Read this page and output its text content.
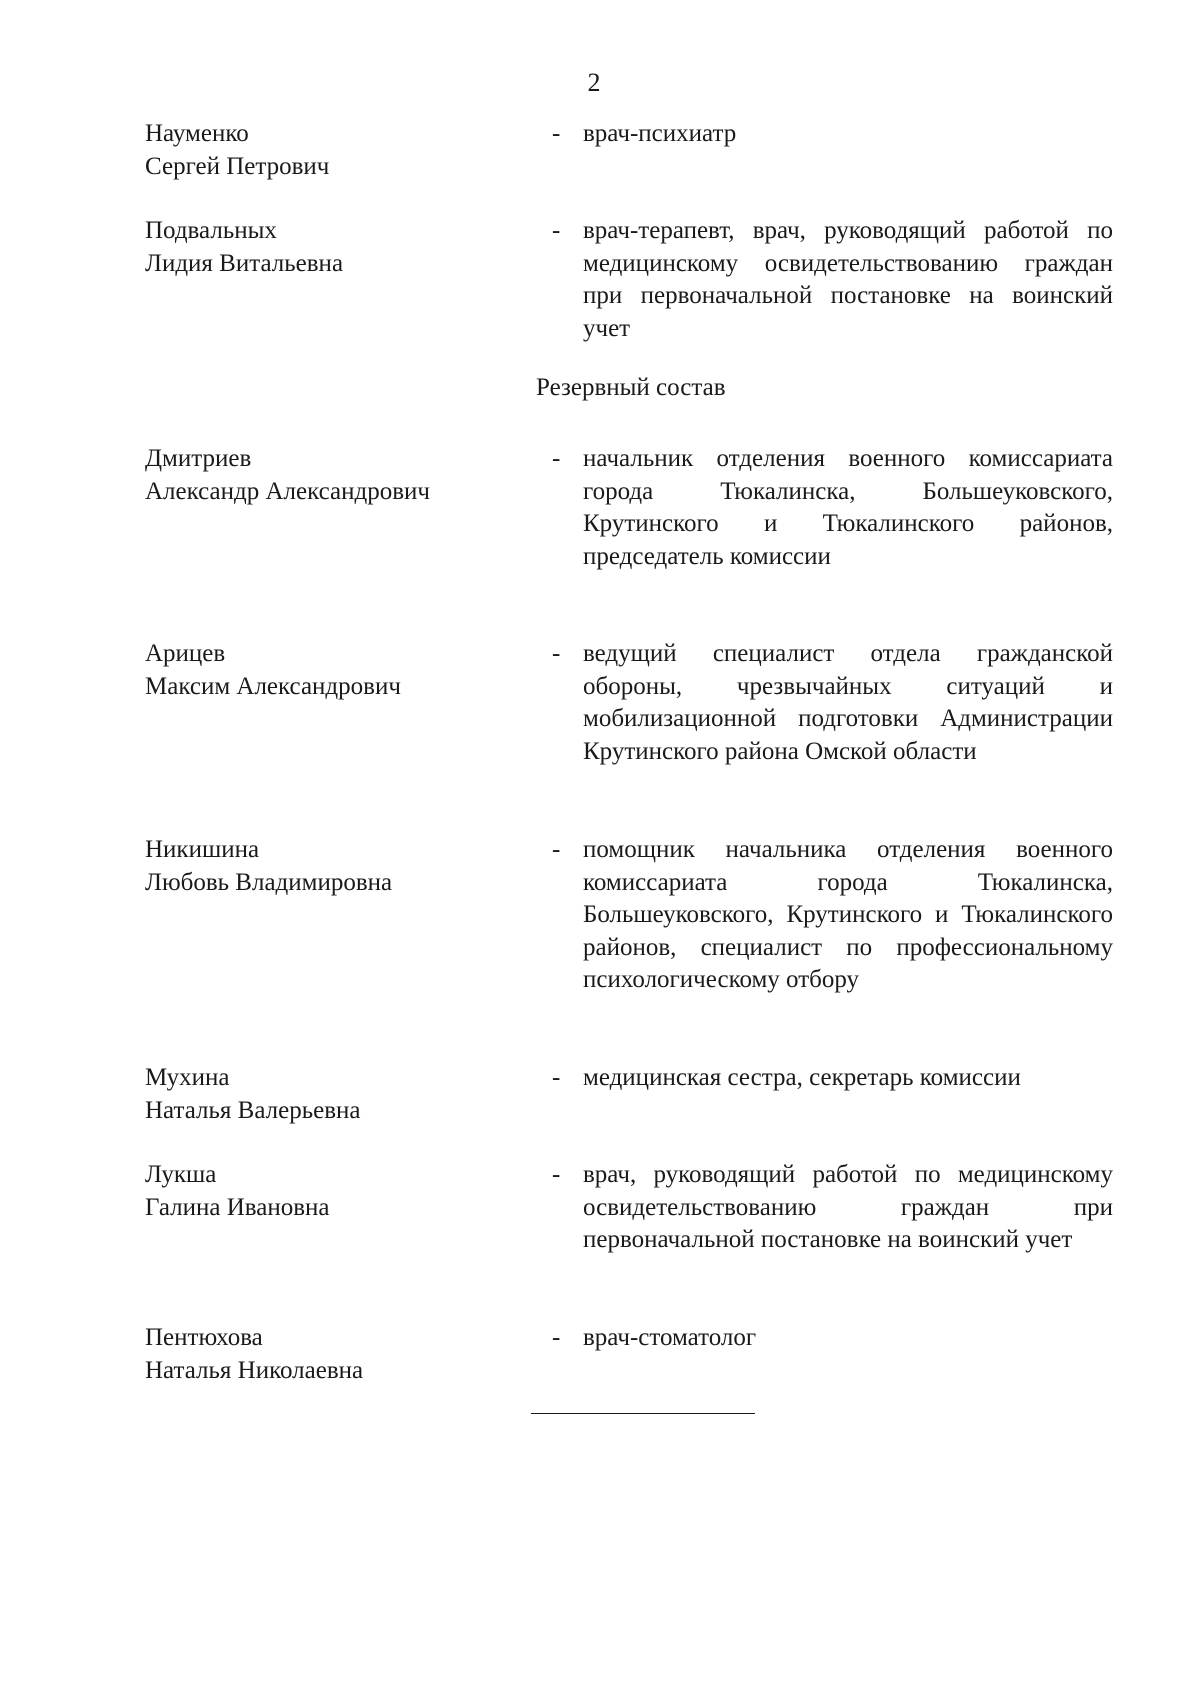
2
Науменко
Сергей Петрович
- врач-психиатр
Подвальных
Лидия Витальевна
- врач-терапевт, врач, руководящий работой по медицинскому освидетельствованию граждан при первоначальной постановке на воинский учет
Резервный состав
Дмитриев
Александр Александрович
- начальник отделения военного комиссариата города Тюкалинска, Большеуковского, Крутинского и Тюкалинского районов, председатель комиссии
Арицев
Максим Александрович
- ведущий специалист отдела гражданской обороны, чрезвычайных ситуаций и мобилизационной подготовки Администрации Крутинского района Омской области
Никишина
Любовь Владимировна
- помощник начальника отделения военного комиссариата города Тюкалинска, Большеуковского, Крутинского и Тюкалинского районов, специалист по профессиональному психологическому отбору
Мухина
Наталья Валерьевна
- медицинская сестра, секретарь комиссии
Лукша
Галина Ивановна
- врач, руководящий работой по медицинскому освидетельствованию граждан при первоначальной постановке на воинский учет
Пентюхова
Наталья Николаевна
- врач-стоматолог
